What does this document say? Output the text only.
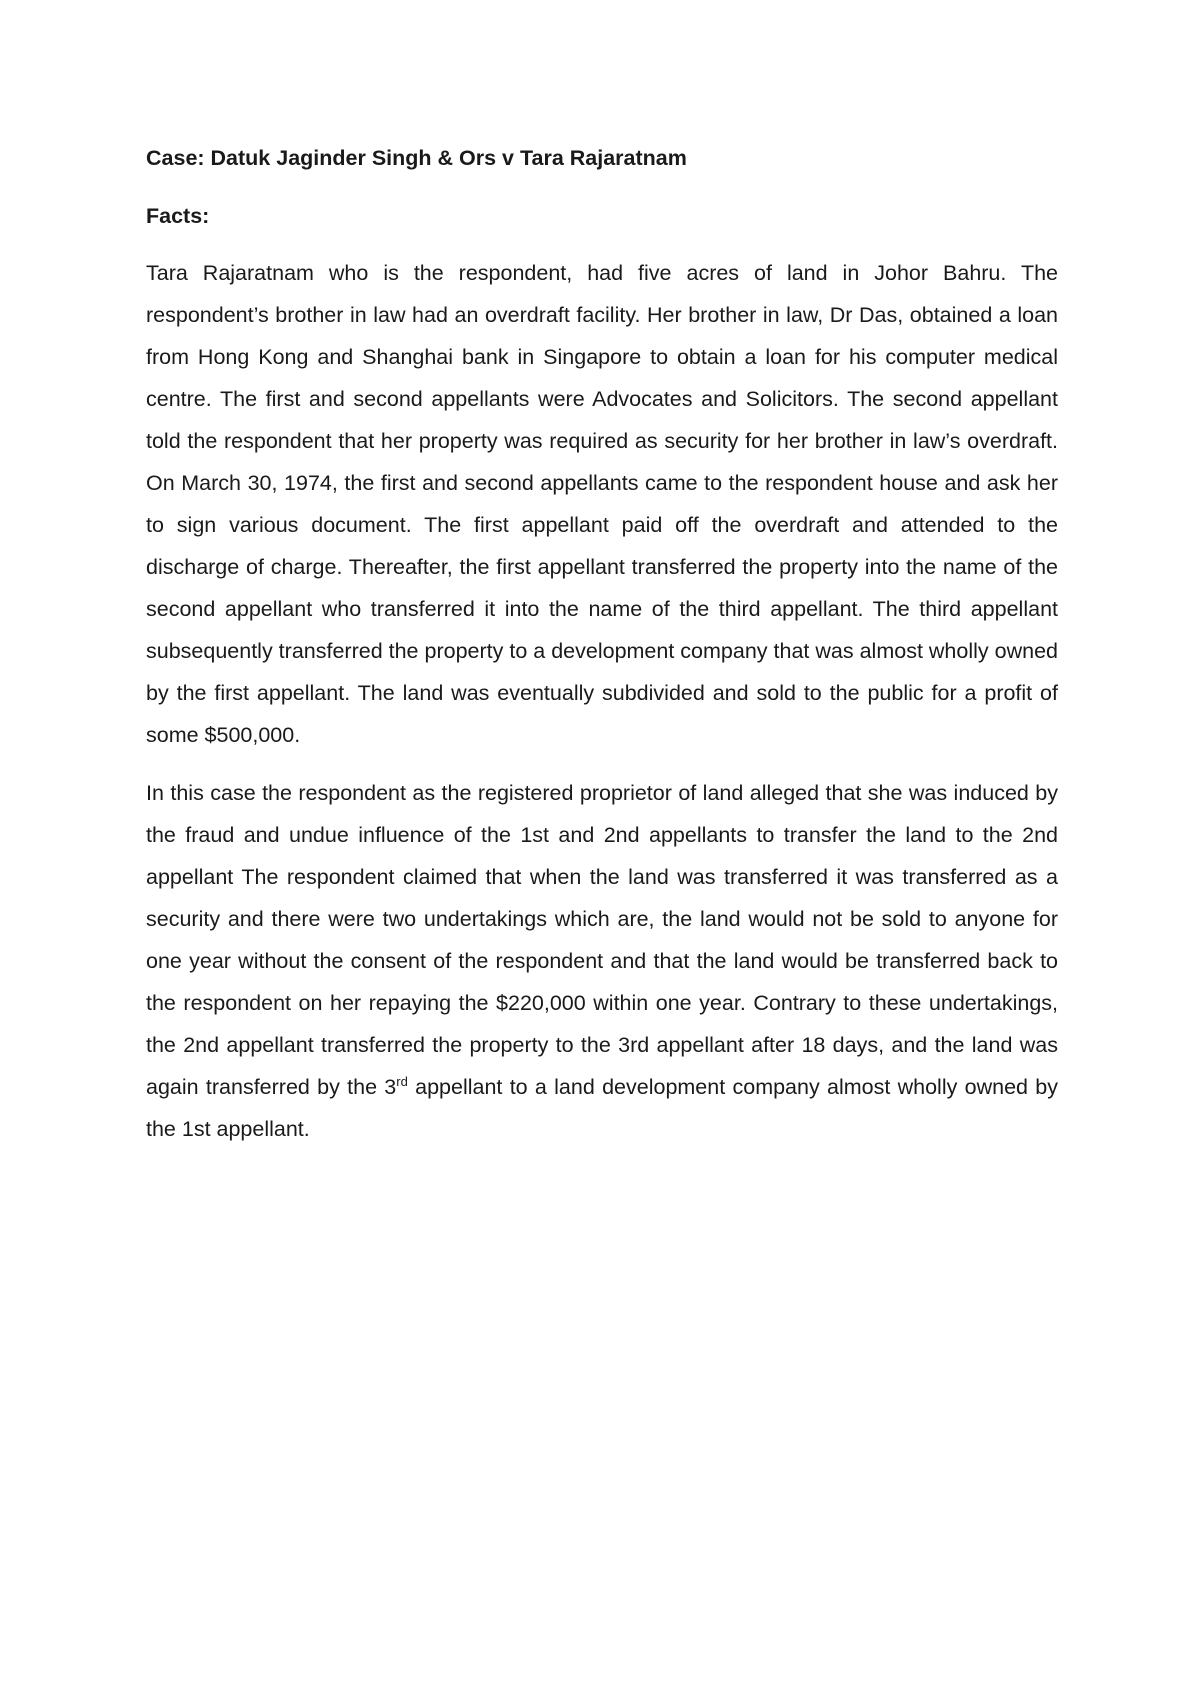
Case: Datuk Jaginder Singh & Ors v Tara Rajaratnam

Facts:

Tara Rajaratnam who is the respondent, had five acres of land in Johor Bahru. The respondent’s brother in law had an overdraft facility. Her brother in law, Dr Das, obtained a loan from Hong Kong and Shanghai bank in Singapore to obtain a loan for his computer medical centre. The first and second appellants were Advocates and Solicitors. The second appellant told the respondent that her property was required as security for her brother in law’s overdraft. On March 30, 1974, the first and second appellants came to the respondent house and ask her to sign various document. The first appellant paid off the overdraft and attended to the discharge of charge. Thereafter, the first appellant transferred the property into the name of the second appellant who transferred it into the name of the third appellant. The third appellant subsequently transferred the property to a development company that was almost wholly owned by the first appellant. The land was eventually subdivided and sold to the public for a profit of some $500,000.

In this case the respondent as the registered proprietor of land alleged that she was induced by the fraud and undue influence of the 1st and 2nd appellants to transfer the land to the 2nd appellant The respondent claimed that when the land was transferred it was transferred as a security and there were two undertakings which are, the land would not be sold to anyone for one year without the consent of the respondent and that the land would be transferred back to the respondent on her repaying the $220,000 within one year. Contrary to these undertakings, the 2nd appellant transferred the property to the 3rd appellant after 18 days, and the land was again transferred by the 3rd appellant to a land development company almost wholly owned by the 1st appellant.
